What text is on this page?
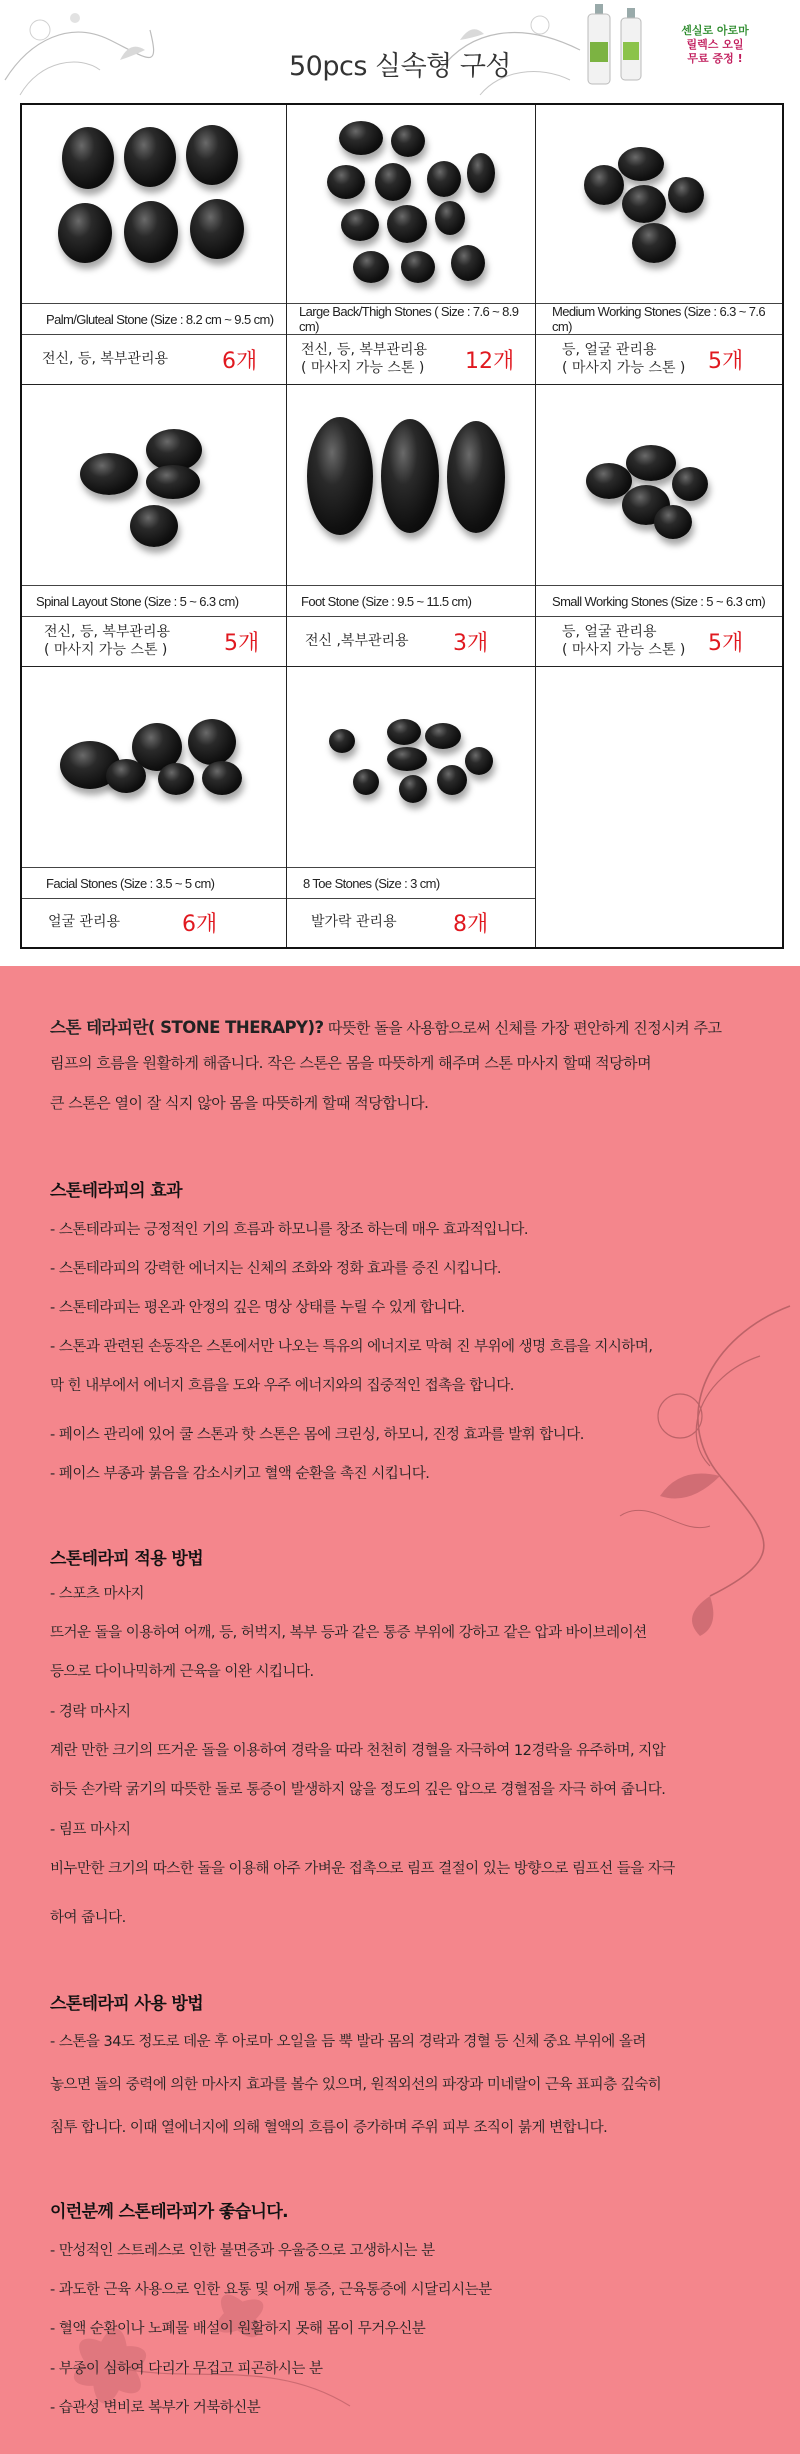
50pcs 실속형 구성
센실로 아로마
릴렉스 오일
무료 증정 !
Palm/Gluteal Stone (Size : 8.2 cm ~ 9.5 cm)
전신, 등, 복부관리용 6개
Large Back/Thigh Stones ( Size : 7.6 ~ 8.9 cm)
전신, 등, 복부관리용
( 마사지 가능 스톤 ) 12개
Medium Working Stones (Size : 6.3 ~ 7.6 cm)
등, 얼굴 관리용
( 마사지 가능 스톤 ) 5개
Spinal Layout Stone (Size : 5 ~ 6.3 cm)
전신, 등, 복부관리용
( 마사지 가능 스톤 )	5개
Foot Stone (Size : 9.5 ~ 11.5 cm)
전신 ,복부관리용 3개
Small Working Stones (Size : 5 ~ 6.3 cm)
등, 얼굴 관리용
( 마사지 가능 스톤 ) 5개
Facial Stones (Size : 3.5 ~ 5 cm)
얼굴 관리용	6개
8 Toe Stones (Size : 3 cm)
발가락 관리용	8개

스톤 테라피란( STONE THERAPY)? 따뜻한 돌을 사용함으로써 신체를 가장 편안하게 진정시켜 주고

림프의 흐름을 원활하게 해줍니다. 작은 스톤은 몸을 따뜻하게 해주며 스톤 마사지 할때 적당하며

큰 스톤은 열이 잘 식지 않아 몸을 따뜻하게 할때 적당합니다.

스톤테라피의 효과

- 스톤테라피는 긍정적인 기의 흐름과 하모니를 창조 하는데 매우 효과적입니다.

- 스톤테라피의 강력한 에너지는 신체의 조화와 정화 효과를 증진 시킵니다.

- 스톤테라피는 평온과 안정의 깊은 명상 상태를 누릴 수 있게 합니다.

- 스톤과 관련된 손동작은 스톤에서만 나오는 특유의 에너지로 막혀 진 부위에 생명 흐름을 지시하며,

막 힌 내부에서 에너지 흐름을 도와 우주 에너지와의 집중적인 접촉을 합니다.

- 페이스 관리에 있어 쿨 스톤과 핫 스톤은 몸에 크린싱, 하모니, 진정 효과를 발휘 합니다.

- 페이스 부종과 붉음을 감소시키고 혈액 순환을 촉진 시킵니다.

스톤테라피 적용 방법

- 스포츠 마사지

뜨거운 돌을 이용하여 어깨, 등, 허벅지, 복부 등과 같은 통증 부위에 강하고 같은 압과 바이브레이션

등으로 다이나믹하게 근육을 이완 시킵니다.

- 경락 마사지

계란 만한 크기의 뜨거운 돌을 이용하여 경락을 따라 천천히 경혈을 자극하여 12경락을 유주하며, 지압

하듯 손가락 굵기의 따뜻한 돌로 통증이 발생하지 않을 정도의 깊은 압으로 경혈점을 자극 하여 줍니다.

- 림프 마사지

비누만한 크기의 따스한 돌을 이용해 아주 가벼운 접촉으로 림프 결절이 있는 방향으로 림프선 들을 자극

하여 줍니다.

스톤테라피 사용 방법

- 스톤을 34도 정도로 데운 후 아로마 오일을 듬 뿍 발라 몸의 경락과 경혈 등 신체 중요 부위에 올려

놓으면 돌의 중력에 의한 마사지 효과를 볼수 있으며, 원적외선의 파장과 미네랄이 근육 표피층 깊숙히

침투 합니다. 이때 열에너지에 의해 혈액의 흐름이 증가하며 주위 피부 조직이 붉게 변합니다.

이런분께 스톤테라피가 좋습니다.

- 만성적인 스트레스로 인한 불면증과 우울증으로 고생하시는 분

- 과도한 근육 사용으로 인한 요통 및 어깨 통증, 근육통증에 시달리시는분

- 혈액 순환이나 노폐물 배설이 원활하지 못해 몸이 무거우신분

- 부종이 심하여 다리가 무겁고 피곤하시는 분

- 습관성 변비로 복부가 거북하신분
